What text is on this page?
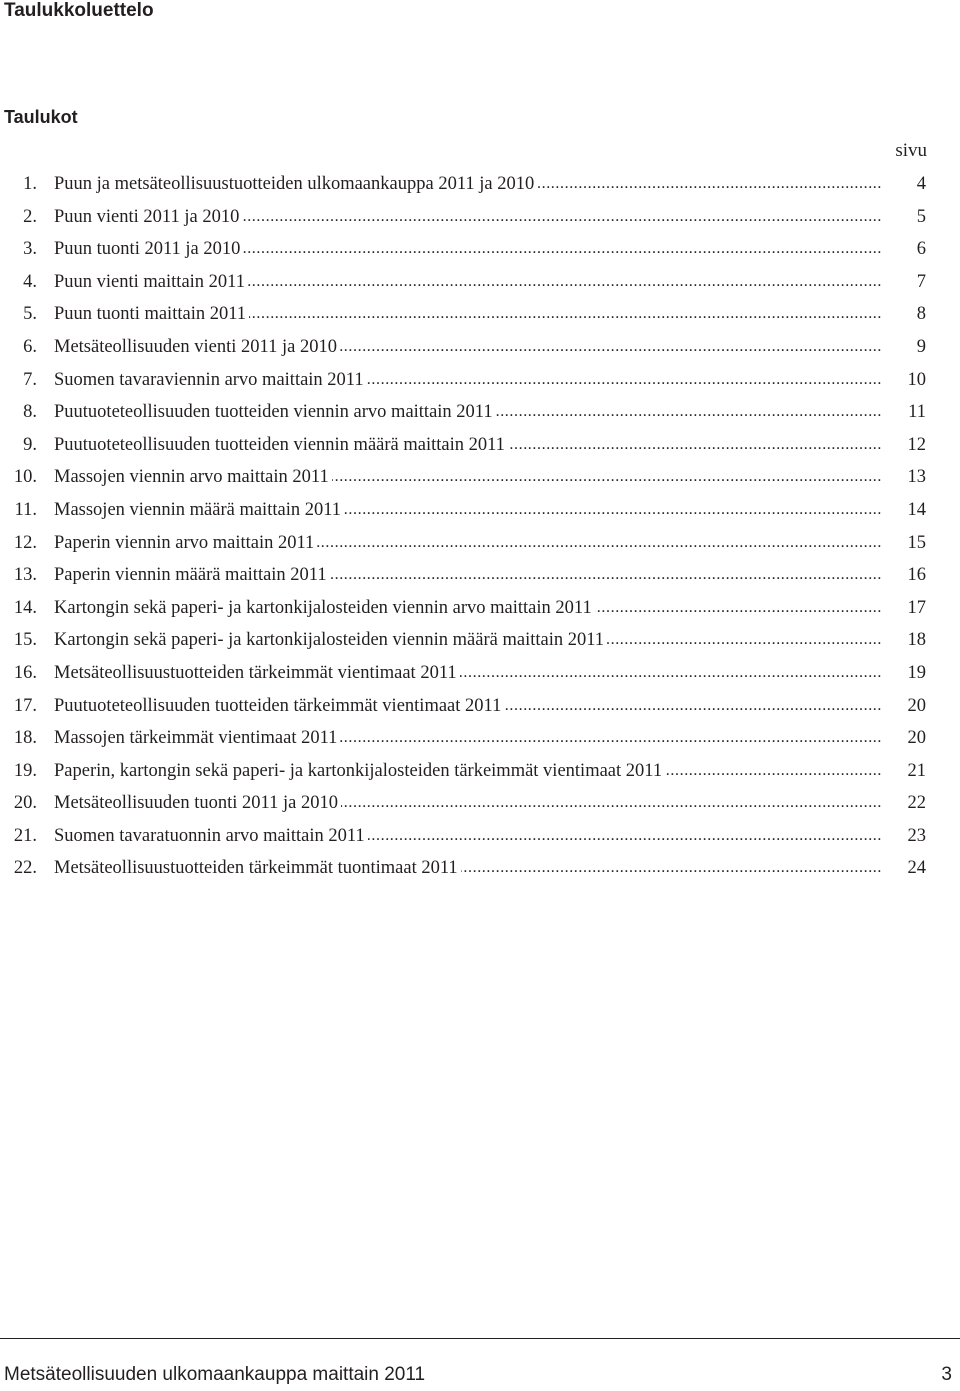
Taulukkoluettelo
Taulukot
sivu
1. Puun ja metsäteollisuustuotteiden ulkomaankauppa 2011 ja 2010 .....	4
2. Puun vienti 2011 ja 2010 .....	5
3. Puun tuonti 2011 ja 2010 .....	6
4. Puun vienti maittain 2011 .....	7
5. Puun tuonti maittain 2011 .....	8
6. Metsäteollisuuden vienti 2011 ja 2010 .....	9
7. Suomen tavaraviennin arvo maittain 2011 .....	10
8. Puutuoteteollisuuden tuotteiden viennin arvo maittain 2011 .....	11
9. Puutuoteteollisuuden tuotteiden viennin määrä maittain 2011 .....	12
10. Massojen viennin arvo maittain 2011 .....	13
11. Massojen viennin määrä maittain 2011 .....	14
12. Paperin viennin arvo maittain 2011 .....	15
13. Paperin viennin määrä maittain 2011 .....	16
14. Kartongin sekä paperi- ja kartonkijalosteiden viennin arvo maittain 2011 .....	17
15. Kartongin sekä paperi- ja kartonkijalosteiden viennin määrä maittain 2011 .....	18
16. Metsäteollisuustuotteiden tärkeimmät vientimaat 2011 .....	19
17. Puutuoteteollisuuden tuotteiden tärkeimmät vientimaat 2011 .....	20
18. Massojen tärkeimmät vientimaat 2011 .....	20
19. Paperin, kartongin sekä paperi- ja kartonkijalosteiden tärkeimmät vientimaat 2011 .....	21
20. Metsäteollisuuden tuonti 2011 ja 2010 .....	22
21. Suomen tavaratuonnin arvo maittain 2011 .....	23
22. Metsäteollisuustuotteiden tärkeimmät tuontimaat 2011 .....	24
Metsäteollisuuden ulkomaankauppa maittain 2011	3
